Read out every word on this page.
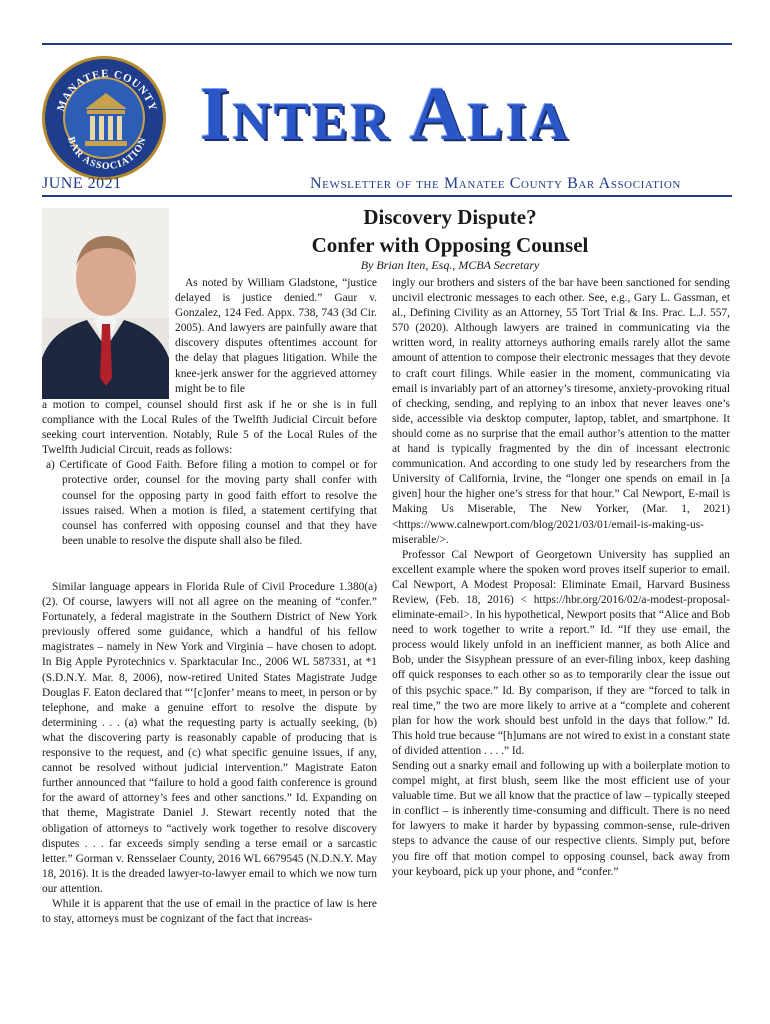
MANATEE COUNTY
BAR ASSOCIATION Inter Alia
JUNE 2021	Newsletter of the Manatee County Bar Association
Discovery Dispute?
Confer with Opposing Counsel
By Brian Iten, Esq., MCBA Secretary

As noted by William Gladstone, “justice delayed is justice denied.” Gaur v. Gonzalez, 124 Fed. Appx. 738, 743 (3d Cir. 2005). And lawyers are painfully aware that discovery disputes oftentimes account for the delay that plagues litigation. While the knee-jerk answer for the aggrieved attorney might be to file

a motion to compel, counsel should first ask if he or she is in full compliance with the Local Rules of the Twelfth Judicial Circuit before seeking court intervention. Notably, Rule 5 of the Local Rules of the Twelfth Judicial Circuit, reads as follows:

a) Certificate of Good Faith. Before filing a motion to compel or for protective order, counsel for the moving party shall confer with counsel for the opposing party in good faith effort to resolve the issues raised. When a motion is filed, a statement certifying that counsel has conferred with opposing counsel and that they have been unable to resolve the dispute shall also be filed.

Similar language appears in Florida Rule of Civil Procedure 1.380(a)(2). Of course, lawyers will not all agree on the meaning of “confer.” Fortunately, a federal magistrate in the Southern District of New York previously offered some guidance, which a handful of his fellow magistrates – namely in New York and Virginia – have chosen to adopt. In Big Apple Pyrotechnics v. Sparktacular Inc., 2006 WL 587331, at *1 (S.D.N.Y. Mar. 8, 2006), now-retired United States Magistrate Judge Douglas F. Eaton declared that “‘[c]onfer’ means to meet, in person or by telephone, and make a genuine effort to resolve the dispute by determining . . . (a) what the requesting party is actually seeking, (b) what the discovering party is reasonably capable of producing that is responsive to the request, and (c) what specific genuine issues, if any, cannot be resolved without judicial intervention.” Magistrate Eaton further announced that “failure to hold a good faith conference is ground for the award of attorney’s fees and other sanctions.” Id. Expanding on that theme, Magistrate Daniel J. Stewart recently noted that the obligation of attorneys to “actively work together to resolve discovery disputes . . . far exceeds simply sending a terse email or a sarcastic letter.” Gorman v. Rensselaer County, 2016 WL 6679545 (N.D.N.Y. May 18, 2016). It is the dreaded lawyer-to-lawyer email to which we now turn our attention.

While it is apparent that the use of email in the practice of law is here to stay, attorneys must be cognizant of the fact that increas-

ingly our brothers and sisters of the bar have been sanctioned for sending uncivil electronic messages to each other. See, e.g., Gary L. Gassman, et al., Defining Civility as an Attorney, 55 Tort Trial & Ins. Prac. L.J. 557, 570 (2020). Although lawyers are trained in communicating via the written word, in reality attorneys authoring emails rarely allot the same amount of attention to compose their electronic messages that they devote to craft court filings. While easier in the moment, communicating via email is invariably part of an attorney’s tiresome, anxiety-provoking ritual of checking, sending, and replying to an inbox that never leaves one’s side, accessible via desktop computer, laptop, tablet, and smartphone. It should come as no surprise that the email author’s attention to the matter at hand is typically fragmented by the din of incessant electronic communication. And according to one study led by researchers from the University of California, Irvine, the “longer one spends on email in [a given] hour the higher one’s stress for that hour.” Cal Newport, E-mail is Making Us Miserable, The New Yorker, (Mar. 1, 2021) <https://www.calnewport.com/blog/2021/03/01/email-is-making-us-miserable/>.

Professor Cal Newport of Georgetown University has supplied an excellent example where the spoken word proves itself superior to email. Cal Newport, A Modest Proposal: Eliminate Email, Harvard Business Review, (Feb. 18, 2016) < https://hbr.org/2016/02/a-modest-proposal-eliminate-email>. In his hypothetical, Newport posits that “Alice and Bob need to work together to write a report.” Id. “If they use email, the process would likely unfold in an inefficient manner, as both Alice and Bob, under the Sisyphean pressure of an ever-filing inbox, keep dashing off quick responses to each other so as to temporarily clear the issue out of this psychic space.” Id. By comparison, if they are “forced to talk in real time,” the two are more likely to arrive at a “complete and coherent plan for how the work should best unfold in the days that follow.” Id. This hold true because “[h]umans are not wired to exist in a constant state of divided attention . . . .” Id.

Sending out a snarky email and following up with a boilerplate motion to compel might, at first blush, seem like the most efficient use of your valuable time. But we all know that the practice of law – typically steeped in conflict – is inherently time-consuming and difficult. There is no need for lawyers to make it harder by bypassing common-sense, rule-driven steps to advance the cause of our respective clients. Simply put, before you fire off that motion compel to opposing counsel, back away from your keyboard, pick up your phone, and “confer.”
